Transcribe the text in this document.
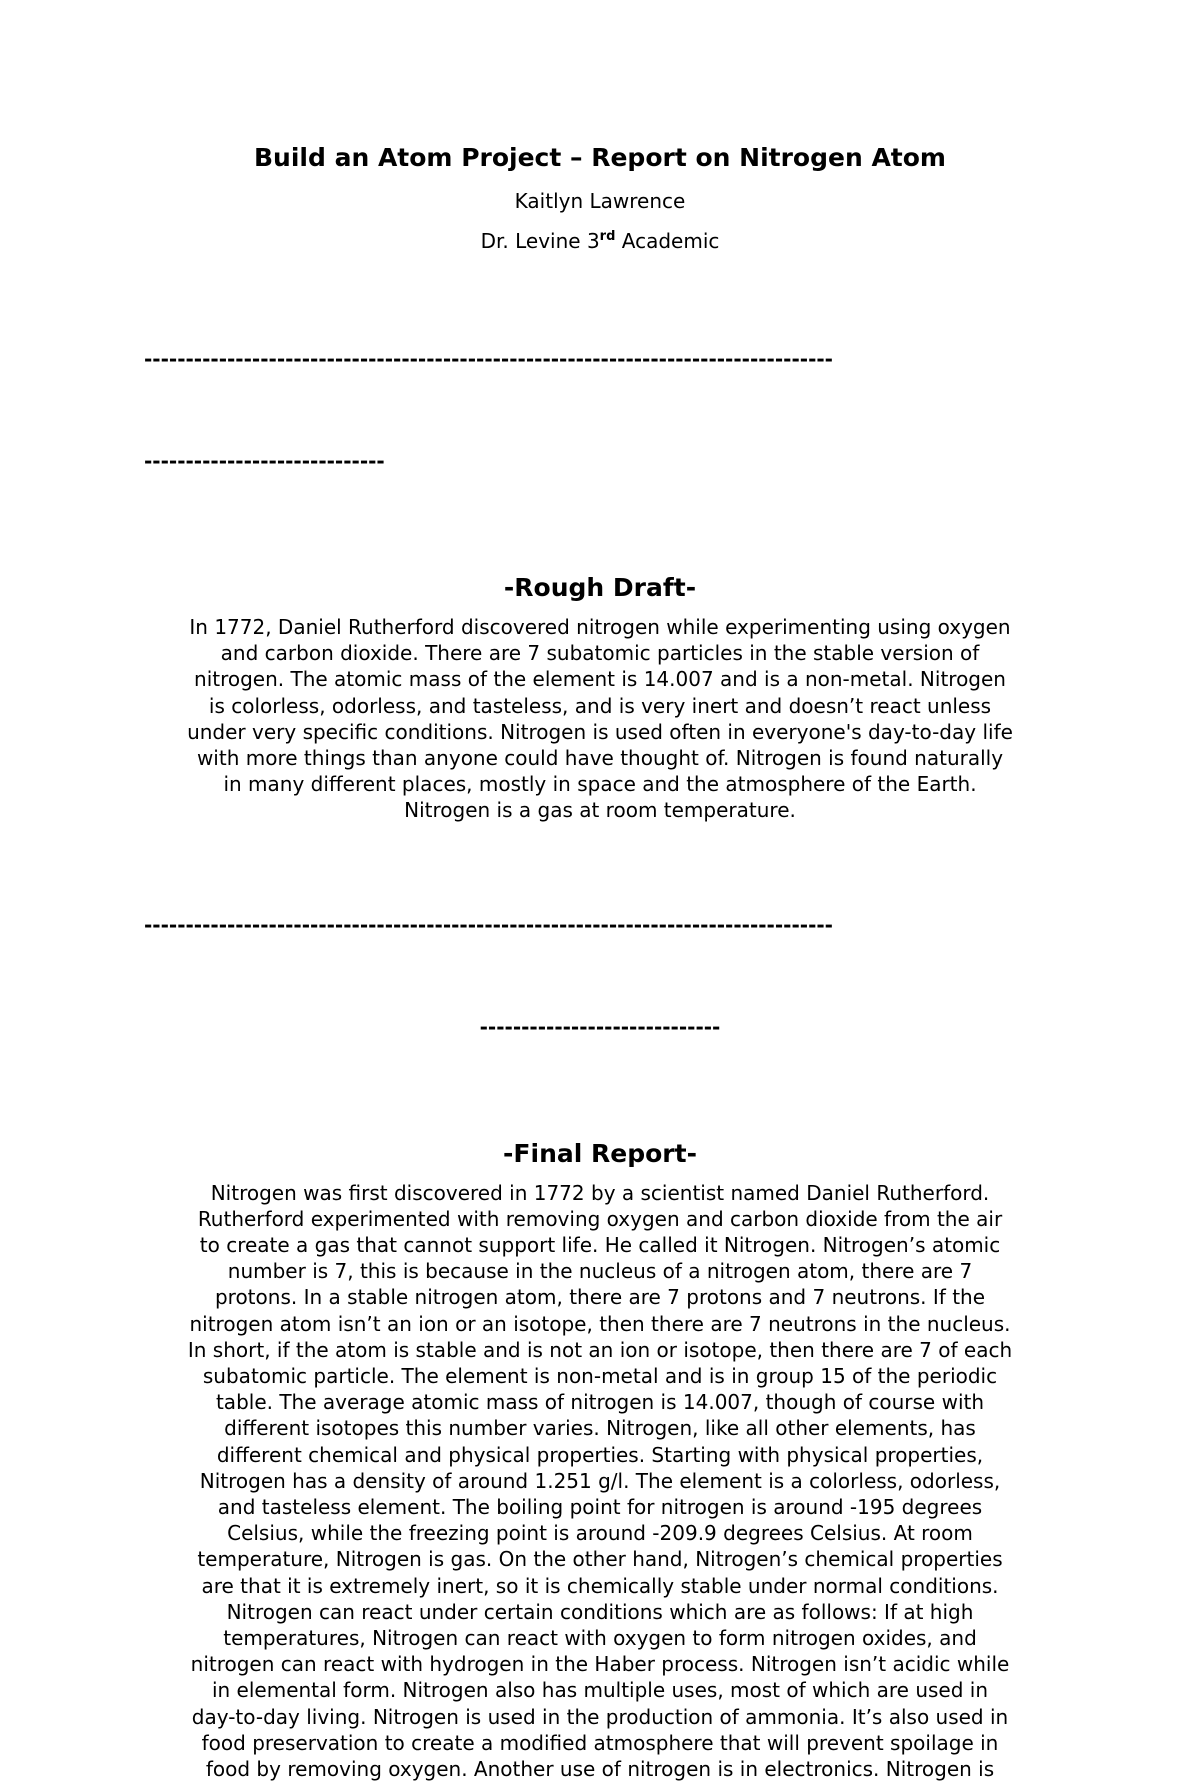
Build an Atom Project – Report on Nitrogen Atom

Kaitlyn Lawrence

Dr. Levine 3rd Academic

-----------------------------------------------------------------------------------

-----------------------------

-Rough Draft-

In 1772, Daniel Rutherford discovered nitrogen while experimenting using oxygen
and carbon dioxide. There are 7 subatomic particles in the stable version of
nitrogen. The atomic mass of the element is 14.007 and is a non-metal. Nitrogen
is colorless, odorless, and tasteless, and is very inert and doesn’t react unless
under very specific conditions. Nitrogen is used often in everyone's day-to-day life
with more things than anyone could have thought of. Nitrogen is found naturally
in many different places, mostly in space and the atmosphere of the Earth.
Nitrogen is a gas at room temperature.

-----------------------------------------------------------------------------------

-----------------------------

-Final Report-

Nitrogen was first discovered in 1772 by a scientist named Daniel Rutherford.
Rutherford experimented with removing oxygen and carbon dioxide from the air
to create a gas that cannot support life. He called it Nitrogen. Nitrogen’s atomic
number is 7, this is because in the nucleus of a nitrogen atom, there are 7
protons. In a stable nitrogen atom, there are 7 protons and 7 neutrons. If the
nitrogen atom isn’t an ion or an isotope, then there are 7 neutrons in the nucleus.
In short, if the atom is stable and is not an ion or isotope, then there are 7 of each
subatomic particle. The element is non-metal and is in group 15 of the periodic
table. The average atomic mass of nitrogen is 14.007, though of course with
different isotopes this number varies. Nitrogen, like all other elements, has
different chemical and physical properties. Starting with physical properties,
Nitrogen has a density of around 1.251 g/l. The element is a colorless, odorless,
and tasteless element. The boiling point for nitrogen is around -195 degrees
Celsius, while the freezing point is around -209.9 degrees Celsius. At room
temperature, Nitrogen is gas. On the other hand, Nitrogen’s chemical properties
are that it is extremely inert, so it is chemically stable under normal conditions.
Nitrogen can react under certain conditions which are as follows: If at high
temperatures, Nitrogen can react with oxygen to form nitrogen oxides, and
nitrogen can react with hydrogen in the Haber process. Nitrogen isn’t acidic while
in elemental form. Nitrogen also has multiple uses, most of which are used in
day-to-day living. Nitrogen is used in the production of ammonia. It’s also used in
food preservation to create a modified atmosphere that will prevent spoilage in
food by removing oxygen. Another use of nitrogen is in electronics. Nitrogen is
